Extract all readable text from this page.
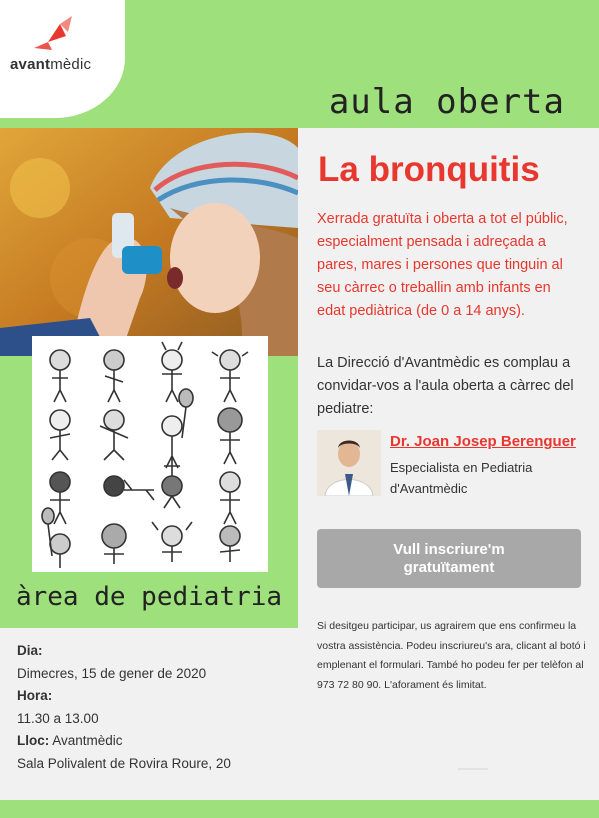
avantmèdic
aula oberta
àrea de pediatria
Dia:
Dimecres, 15 de gener de 2020
Hora:
11.30 a 13.00
Lloc: Avantmèdic
Sala Polivalent de Rovira Roure, 20
La bronquitis
Xerrada gratuïta i oberta a tot el públic, especialment pensada i adreçada a pares, mares i persones que tinguin al seu càrrec o treballin amb infants en edat pediàtrica (de 0 a 14 anys).
La Direcció d'Avantmèdic es complau a convidar-vos a l'aula oberta a càrrec del pediatre:
Dr. Joan Josep Berenguer
Especialista en Pediatria
d'Avantmèdic
Vull inscriure'm gratuïtament
Si desitgeu participar, us agrairem que ens confirmeu la vostra assistència. Podeu inscriureu's ara, clicant al botó i emplenant el formulari. També ho podeu fer per telèfon al 973 72 80 90. L'aforament és limitat.
